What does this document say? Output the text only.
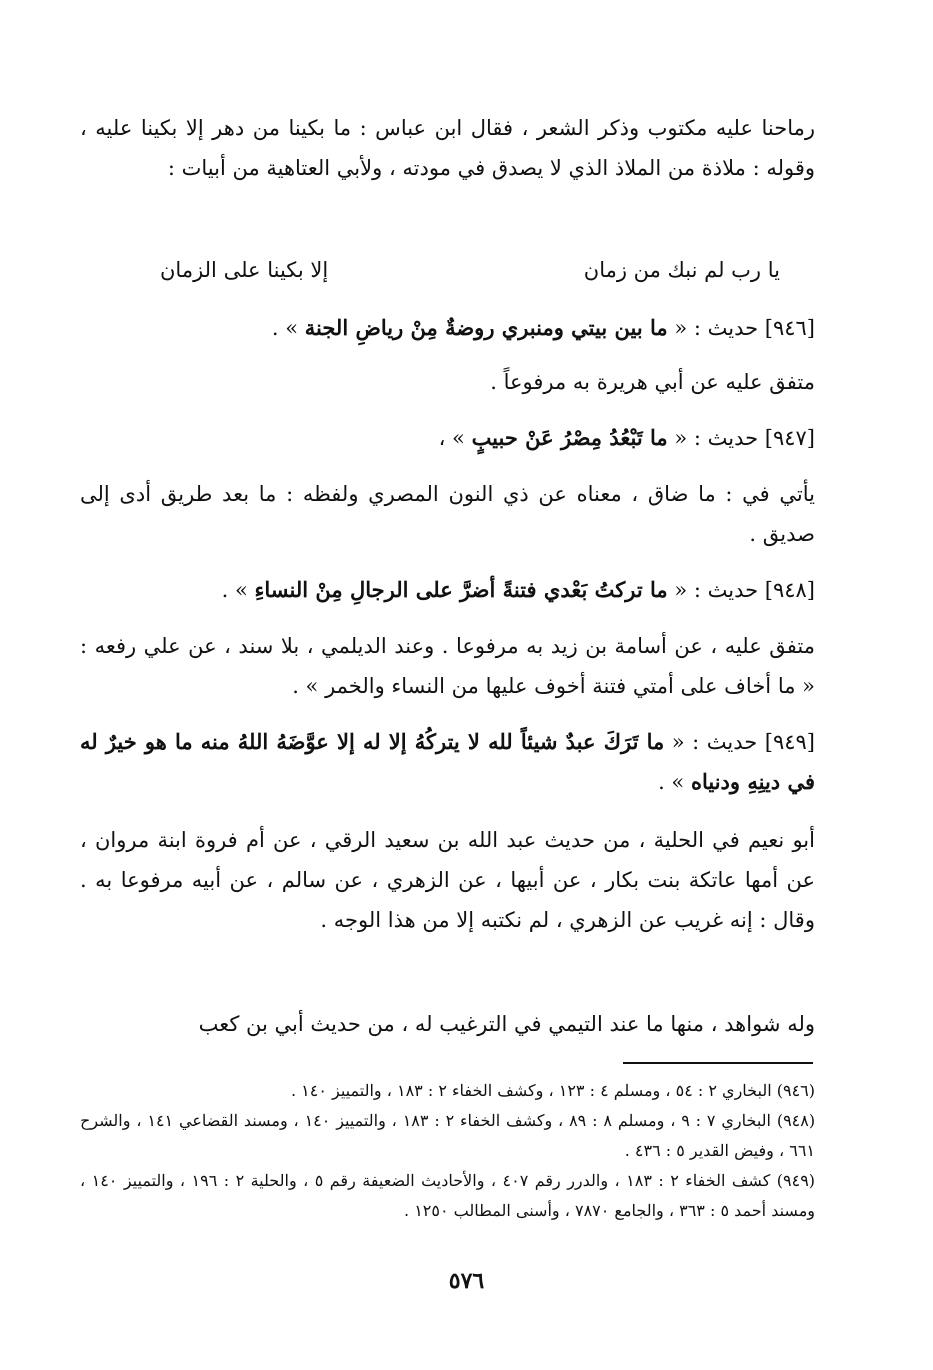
رماحنا عليه مكتوب وذكر الشعر ، فقال ابن عباس : ما بكينا من دهر إلا بكينا عليه ، وقوله : ملاذة من الملاذ الذي لا يصدق في مودته ، ولأبي العتاهية من أبيات :
يا رب لم نبك من زمان
إلا بكينا على الزمان
[٩٤٦] حديث : « ما بين بيتي ومنبري روضةٌ مِنْ رياضِ الجنة » .
متفق عليه عن أبي هريرة به مرفوعاً .
[٩٤٧] حديث : « ما تَبْعُدُ مِصْرُ عَنْ حبيبٍ » ،
يأتي في : ما ضاق ، معناه عن ذي النون المصري ولفظه : ما بعد طريق أدى إلى صديق .
[٩٤٨] حديث : « ما تركتُ بَعْدي فتنةً أضرَّ على الرجالِ مِنْ النساءِ » .
متفق عليه ، عن أسامة بن زيد به مرفوعا . وعند الديلمي ، بلا سند ، عن علي رفعه : « ما أخاف على أمتي فتنة أخوف عليها من النساء والخمر » .
[٩٤٩] حديث : « ما تَرَكَ عبدٌ شيئاً لله لا يتركُهُ إلا له إلا عوَّضَهُ اللهُ منه ما هو خيرٌ له في دينِهِ ودنياه » .
أبو نعيم في الحلية ، من حديث عبد الله بن سعيد الرقي ، عن أم فروة ابنة مروان ، عن أمها عاتكة بنت بكار ، عن أبيها ، عن الزهري ، عن سالم ، عن أبيه مرفوعا به . وقال : إنه غريب عن الزهري ، لم نكتبه إلا من هذا الوجه .
وله شواهد ، منها ما عند التيمي في الترغيب له ، من حديث أبي بن كعب

(٩٤٦) البخاري ٢ : ٥٤ ، ومسلم ٤ : ١٢٣ ، وكشف الخفاء ٢ : ١٨٣ ، والتمييز ١٤٠ .

(٩٤٨) البخاري ٧ : ٩ ، ومسلم ٨ : ٨٩ ، وكشف الخفاء ٢ : ١٨٣ ، والتمييز ١٤٠ ، ومسند القضاعي ١٤١ ، والشرح ٦٦١ ، وفيض القدير ٥ : ٤٣٦ .

(٩٤٩) كشف الخفاء ٢ : ١٨٣ ، والدرر رقم ٤٠٧ ، والأحاديث الضعيفة رقم ٥ ، والحلية ٢ : ١٩٦ ، والتمييز ١٤٠ ، ومسند أحمد ٥ : ٣٦٣ ، والجامع ٧٨٧٠ ، وأسنى المطالب ١٢٥٠ .

٥٧٦
